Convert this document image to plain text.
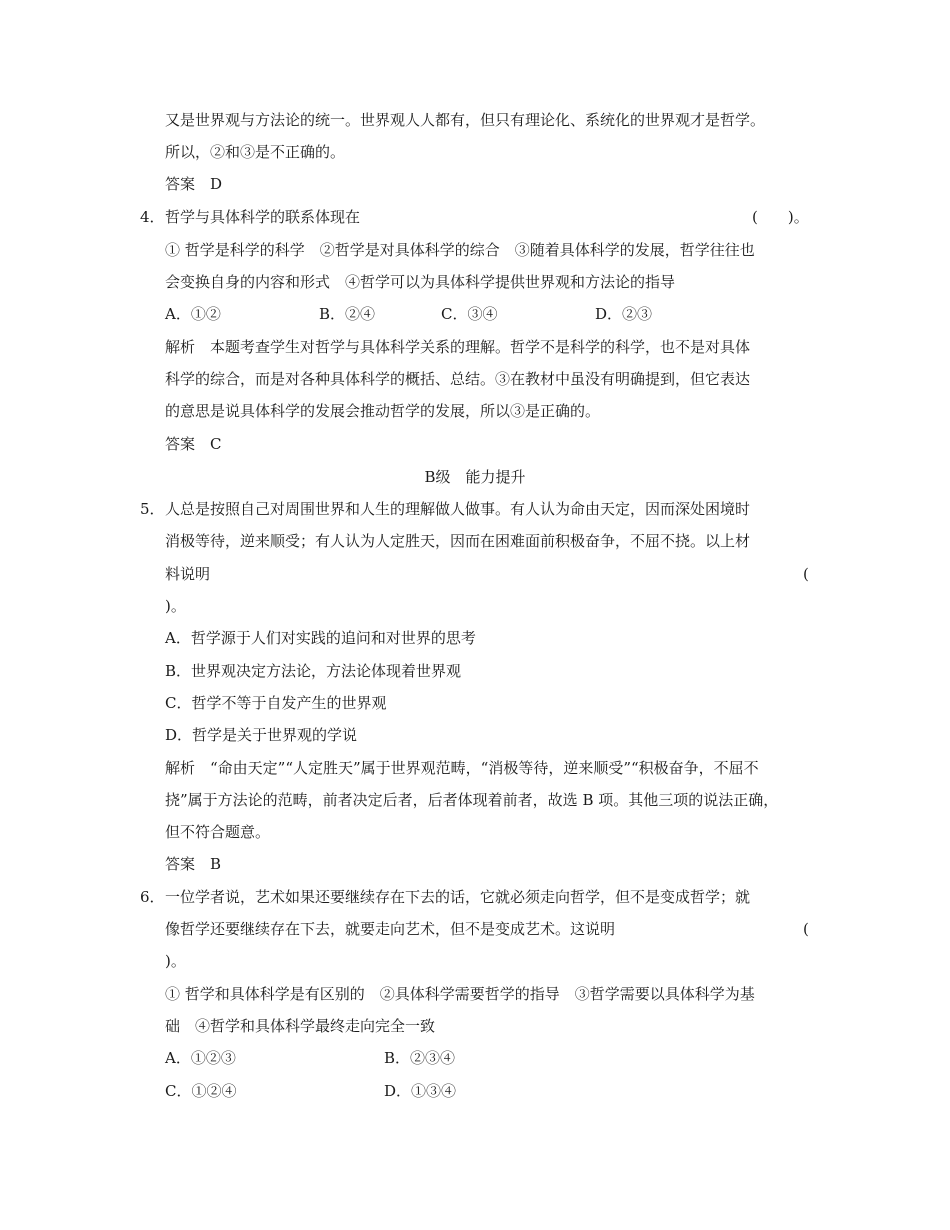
又是世界观与方法论的统一。世界观人人都有，但只有理论化、系统化的世界观才是哲学。
所以，②和③是不正确的。
答案　D
4． 哲学与具体科学的联系体现在	(　　)。
① 哲学是科学的科学　②哲学是对具体科学的综合　③随着具体科学的发展，哲学往往也
会变换自身的内容和形式　④哲学可以为具体科学提供世界观和方法论的指导
A．①②	B．②④	C．③④	D．②③
解析　本题考查学生对哲学与具体科学关系的理解。哲学不是科学的科学，也不是对具体
科学的综合，而是对各种具体科学的概括、总结。③在教材中虽没有明确提到，但它表达
的意思是说具体科学的发展会推动哲学的发展，所以③是正确的。
答案　C
B级　能力提升
5． 人总是按照自己对周围世界和人生的理解做人做事。有人认为命由天定，因而深处困境时
消极等待，逆来顺受；有人认为人定胜天，因而在困难面前积极奋争，不屈不挠。以上材
料说明	(
)。
A．哲学源于人们对实践的追问和对世界的思考
B．世界观决定方法论，方法论体现着世界观
C．哲学不等于自发产生的世界观
D．哲学是关于世界观的学说
解析　“命由天定”“人定胜天”属于世界观范畴，“消极等待，逆来顺受”“积极奋争，不屈不
挠”属于方法论的范畴，前者决定后者，后者体现着前者，故选 B 项。其他三项的说法正确，
但不符合题意。
答案　B
6． 一位学者说，艺术如果还要继续存在下去的话，它就必须走向哲学，但不是变成哲学；就
像哲学还要继续存在下去，就要走向艺术，但不是变成艺术。这说明	(
)。
① 哲学和具体科学是有区别的　②具体科学需要哲学的指导　③哲学需要以具体科学为基
础　④哲学和具体科学最终走向完全一致
A．①②③	B．②③④
C．①②④	D．①③④
